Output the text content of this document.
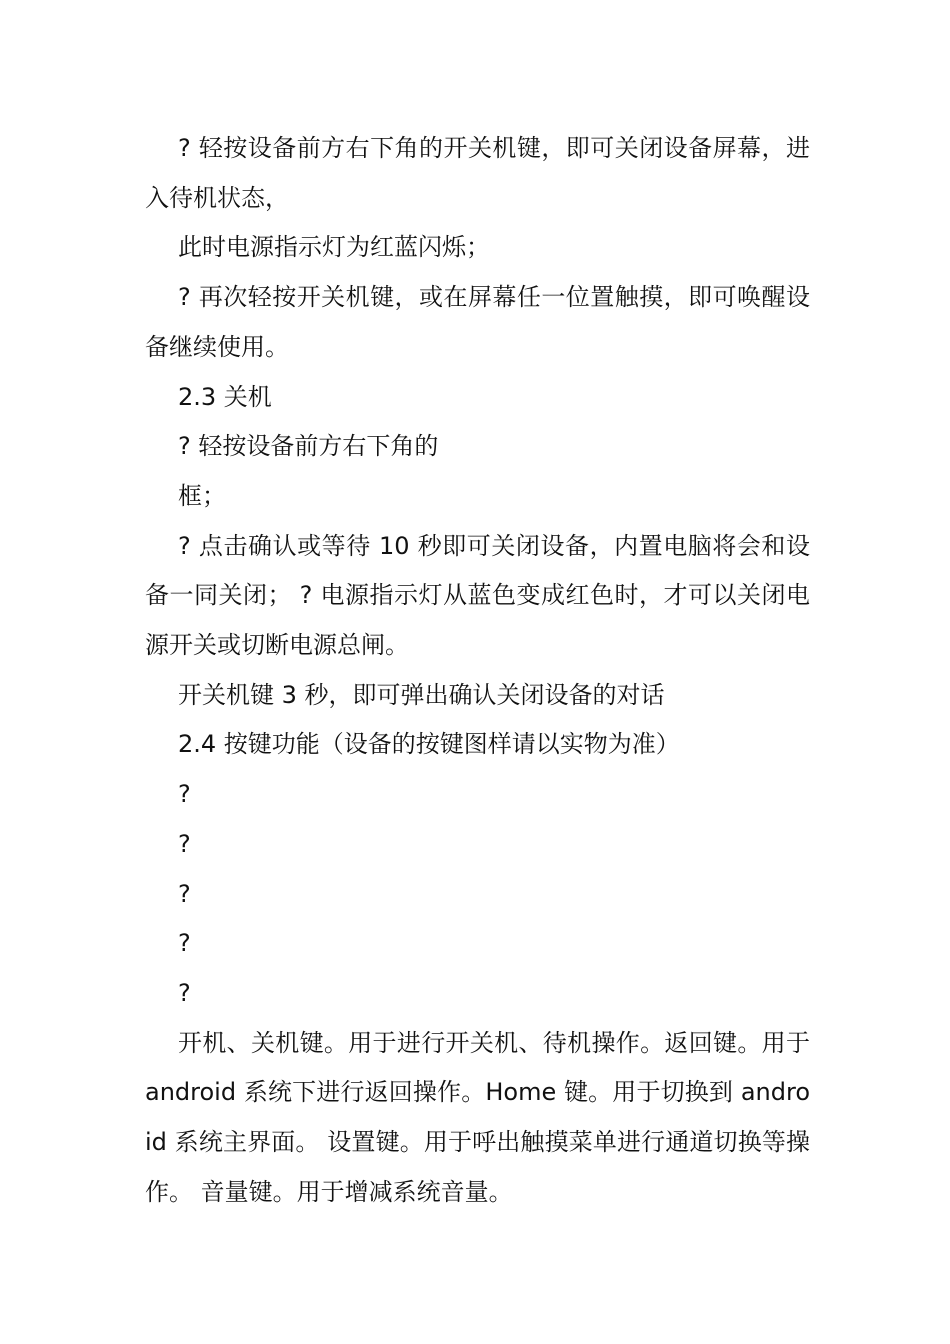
? 轻按设备前方右下角的开关机键，即可关闭设备屏幕，进入待机状态，

此时电源指示灯为红蓝闪烁；

? 再次轻按开关机键，或在屏幕任一位置触摸，即可唤醒设备继续使用。

2.3 关机

? 轻按设备前方右下角的

框；

? 点击确认或等待 10 秒即可关闭设备，内置电脑将会和设备一同关闭； ? 电源指示灯从蓝色变成红色时，才可以关闭电源开关或切断电源总闸。

开关机键 3 秒，即可弹出确认关闭设备的对话

2.4 按键功能（设备的按键图样请以实物为准）

?

?

?

?

?

开机、关机键。用于进行开关机、待机操作。返回键。用于 android 系统下进行返回操作。Home 键。用于切换到 android 系统主界面。 设置键。用于呼出触摸菜单进行通道切换等操作。 音量键。用于增减系统音量。
